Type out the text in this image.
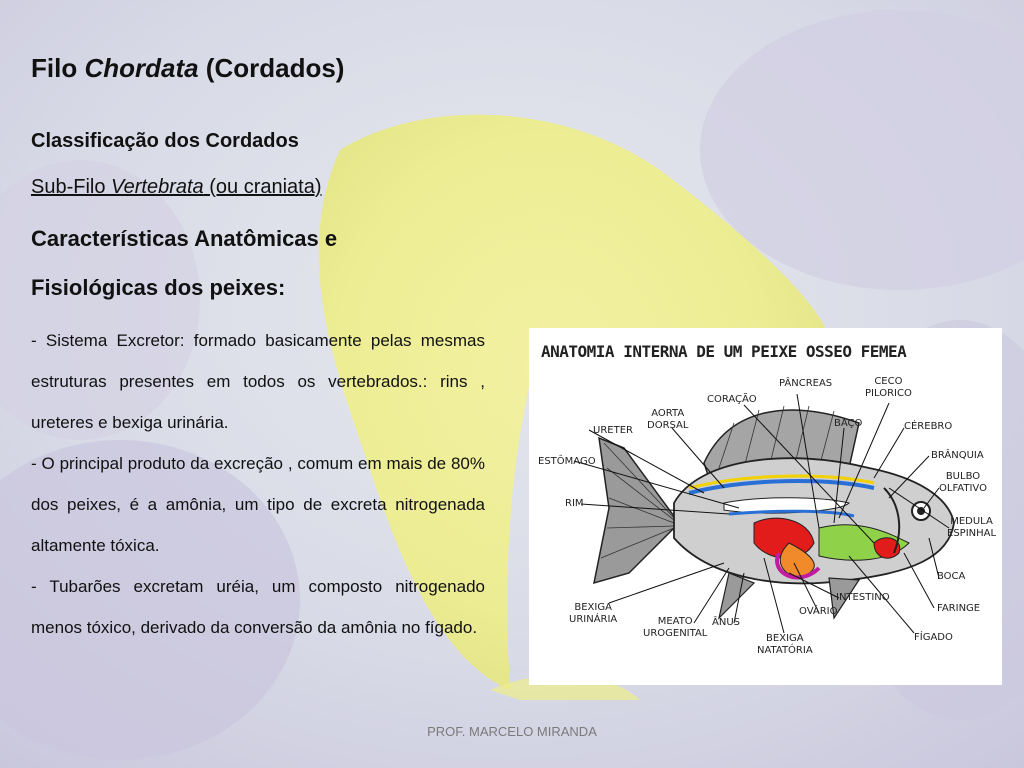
Filo Chordata (Cordados)
Classificação dos Cordados
Sub-Filo Vertebrata (ou craniata)
Características Anatômicas e
Fisiológicas dos peixes:

- Sistema Excretor: formado basicamente pelas mesmas estruturas presentes em todos os vertebrados.: rins , ureteres e bexiga urinária.

- O principal produto da excreção , comum em mais de 80% dos peixes, é a amônia, um tipo de excreta nitrogenada altamente tóxica.

- Tubarões excretam uréia, um composto nitrogenado menos tóxico, derivado da conversão da amônia no fígado.

ANATOMIA INTERNA DE UM PEIXE OSSEO FEMEA
CORAÇÃO
PÂNCREAS	CECO
PILORICO
AORTA
DORSAL	BAÇO	CÉREBRO
URETER
BRÂNQUIA
ESTÔMAGO
BULBO
OLFATIVO
RIM
MEDULA
ESPINHAL
BOCA
INTESTINO
FARINGE
BEXIGA
URINÁRIA	MEATO
UROGENITAL
ÂNUS
OVÁRIO
BEXIGA
NATATÓRIA
FÍGADO
PROF. MARCELO MIRANDA
